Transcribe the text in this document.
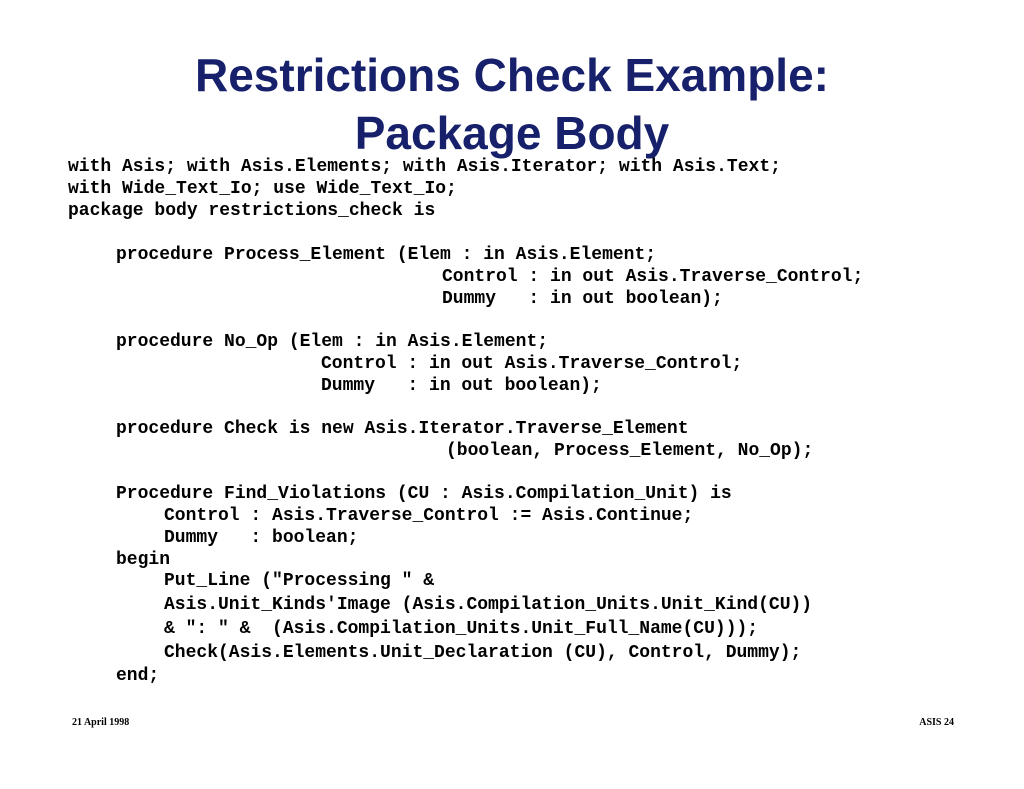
Restrictions Check Example:
Package Body
with Asis; with Asis.Elements; with Asis.Iterator; with Asis.Text;
with Wide_Text_Io; use Wide_Text_Io;
package body restrictions_check is
procedure Process_Element (Elem : in Asis.Element;
Control : in out Asis.Traverse_Control;
Dummy   : in out boolean);
procedure No_Op (Elem : in Asis.Element;
Control : in out Asis.Traverse_Control;
Dummy   : in out boolean);
procedure Check is new Asis.Iterator.Traverse_Element
(boolean, Process_Element, No_Op);
Procedure Find_Violations (CU : Asis.Compilation_Unit) is
Control : Asis.Traverse_Control := Asis.Continue;
Dummy   : boolean;
begin
Put_Line ("Processing " &
Asis.Unit_Kinds'Image (Asis.Compilation_Units.Unit_Kind(CU))
& ": " &  (Asis.Compilation_Units.Unit_Full_Name(CU)));
Check(Asis.Elements.Unit_Declaration (CU), Control, Dummy);
end;
21 April 1998	ASIS 24
